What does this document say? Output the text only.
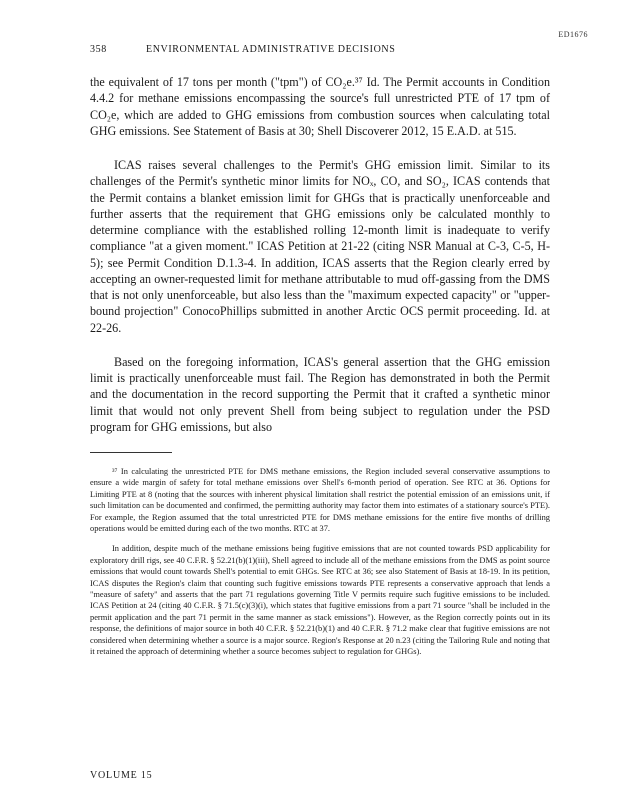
ED1676
358	ENVIRONMENTAL ADMINISTRATIVE DECISIONS

the equivalent of 17 tons per month ("tpm") of CO₂e.³⁷ Id. The Permit accounts in Condition 4.4.2 for methane emissions encompassing the source's full unrestricted PTE of 17 tpm of CO₂e, which are added to GHG emissions from combustion sources when calculating total GHG emissions. See Statement of Basis at 30; Shell Discoverer 2012, 15 E.A.D. at 515.

ICAS raises several challenges to the Permit's GHG emission limit. Similar to its challenges of the Permit's synthetic minor limits for NOₓ, CO, and SO₂, ICAS contends that the Permit contains a blanket emission limit for GHGs that is practically unenforceable and further asserts that the requirement that GHG emissions only be calculated monthly to determine compliance with the established rolling 12-month limit is inadequate to verify compliance "at a given moment." ICAS Petition at 21-22 (citing NSR Manual at C-3, C-5, H-5); see Permit Condition D.1.3-4. In addition, ICAS asserts that the Region clearly erred by accepting an owner-requested limit for methane attributable to mud off-gassing from the DMS that is not only unenforceable, but also less than the "maximum expected capacity" or "upper-bound projection" ConocoPhillips submitted in another Arctic OCS permit proceeding. Id. at 22-26.

Based on the foregoing information, ICAS's general assertion that the GHG emission limit is practically unenforceable must fail. The Region has demonstrated in both the Permit and the documentation in the record supporting the Permit that it crafted a synthetic minor limit that would not only prevent Shell from being subject to regulation under the PSD program for GHG emissions, but also

³⁷ In calculating the unrestricted PTE for DMS methane emissions, the Region included several conservative assumptions to ensure a wide margin of safety for total methane emissions over Shell's 6-month period of operation. See RTC at 36. Options for Limiting PTE at 8 (noting that the sources with inherent physical limitation shall restrict the potential emission of an emissions unit, if such limitation can be documented and confirmed, the permitting authority may factor them into estimates of a stationary source's PTE). For example, the Region assumed that the total unrestricted PTE for DMS methane emissions for the entire five months of drilling operations would be emitted during each of the two months. RTC at 37.

In addition, despite much of the methane emissions being fugitive emissions that are not counted towards PSD applicability for exploratory drill rigs, see 40 C.F.R. § 52.21(b)(1)(iii), Shell agreed to include all of the methane emissions from the DMS as point source emissions that would count towards Shell's potential to emit GHGs. See RTC at 36; see also Statement of Basis at 18-19. In its petition, ICAS disputes the Region's claim that counting such fugitive emissions towards PTE represents a conservative approach that lends a "measure of safety" and asserts that the part 71 regulations governing Title V permits require such fugitive emissions to be included. ICAS Petition at 24 (citing 40 C.F.R. § 71.5(c)(3)(i), which states that fugitive emissions from a part 71 source "shall be included in the permit application and the part 71 permit in the same manner as stack emissions"). However, as the Region correctly points out in its response, the definitions of major source in both 40 C.F.R. § 52.21(b)(1) and 40 C.F.R. § 71.2 make clear that fugitive emissions are not considered when determining whether a source is a major source. Region's Response at 20 n.23 (citing the Tailoring Rule and noting that it retained the approach of determining whether a source becomes subject to regulation for GHGs).

VOLUME 15
